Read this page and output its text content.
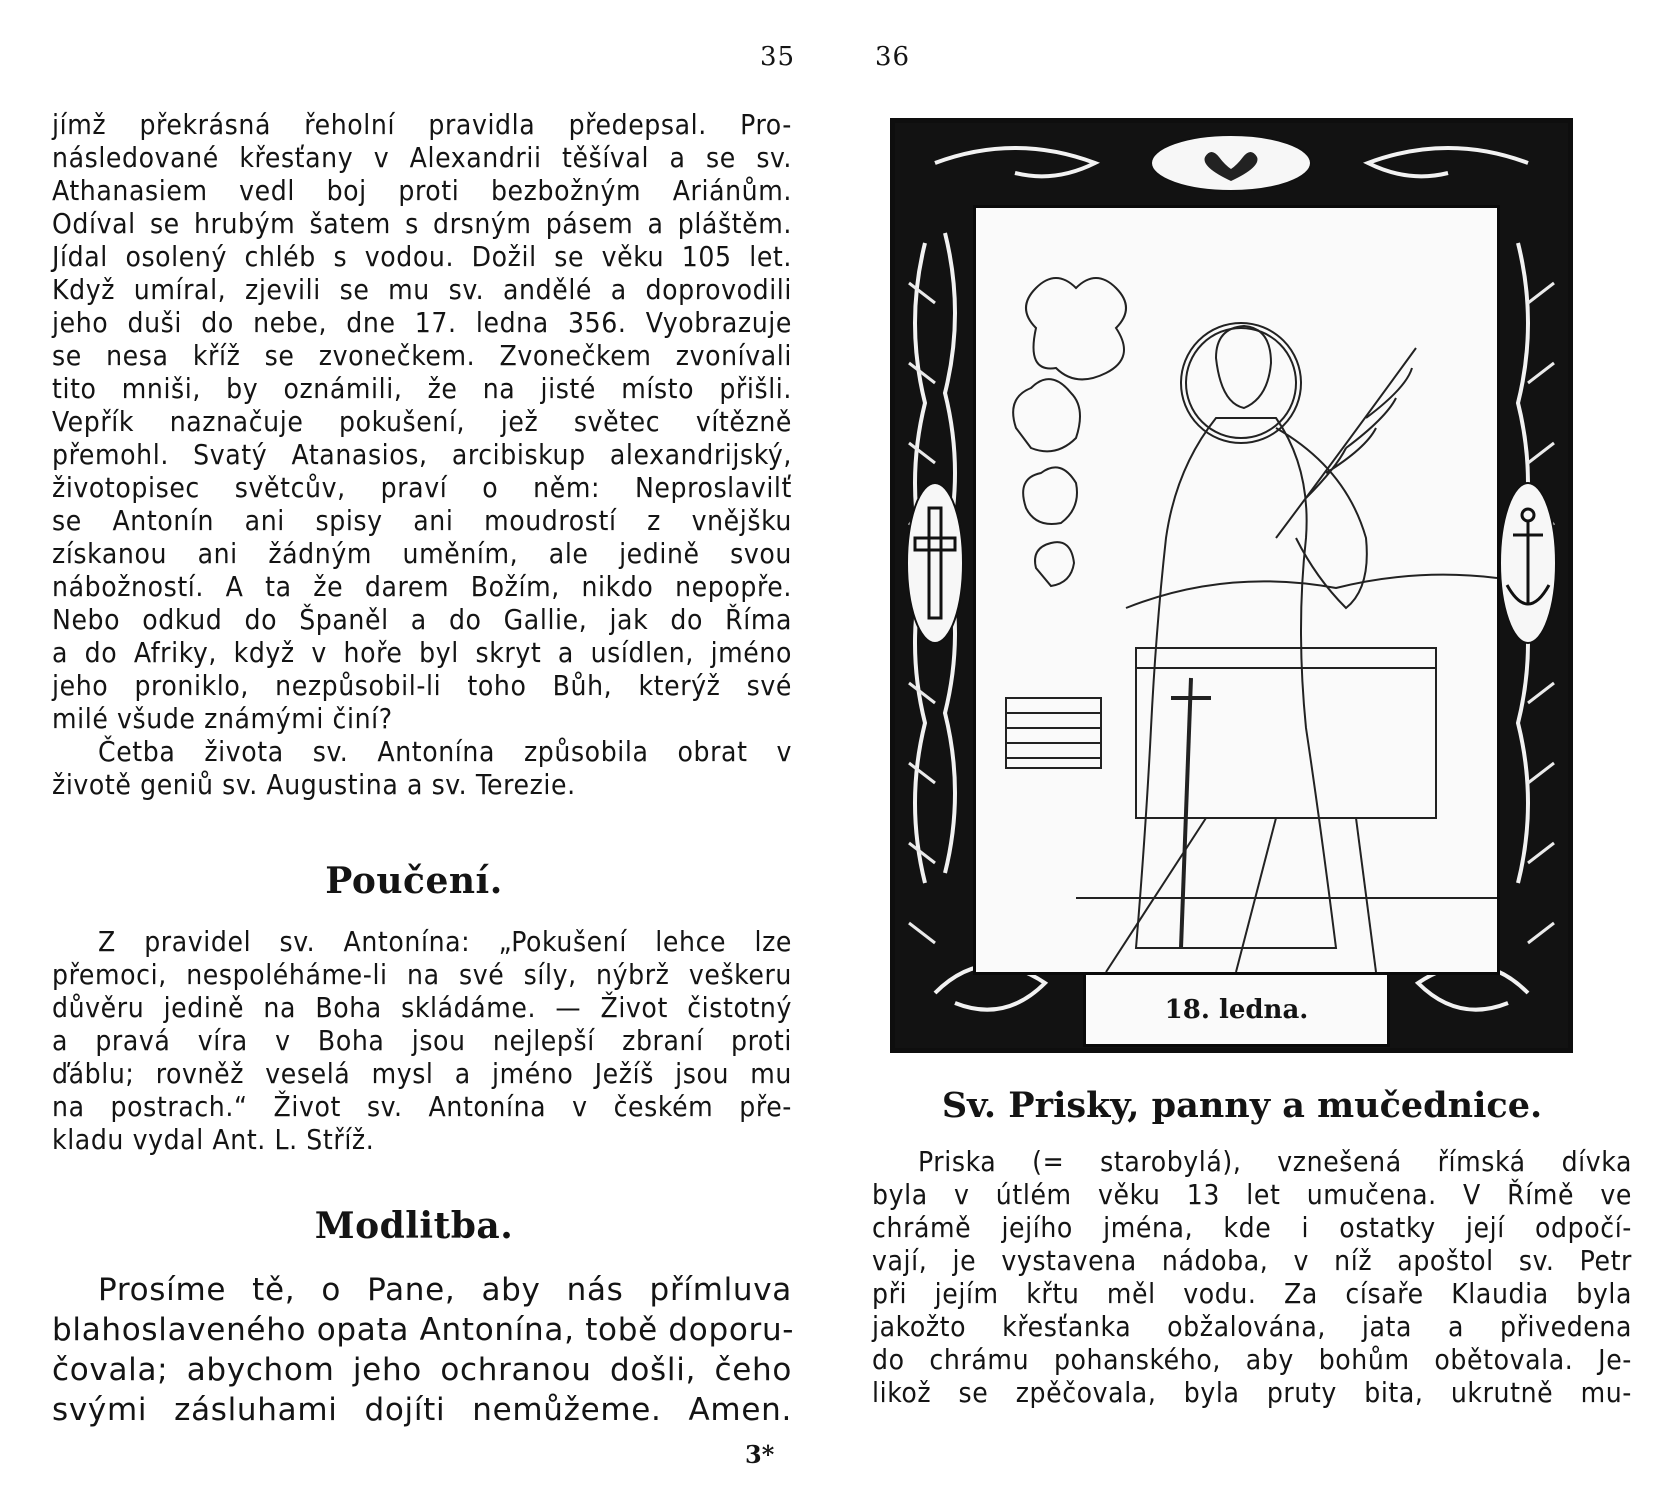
35

jímž překrásná řeholní pravidla předepsal. Pro-
následované křesťany v Alexandrii těšíval a se sv.
Athanasiem vedl boj proti bezbožným Ariánům.
Odíval se hrubým šatem s drsným pásem a pláštěm.
Jídal osolený chléb s vodou. Dožil se věku 105 let.
Když umíral, zjevili se mu sv. andělé a doprovodili
jeho duši do nebe, dne 17. ledna 356. Vyobrazuje
se nesa kříž se zvonečkem. Zvonečkem zvonívali
tito mniši, by oznámili, že na jisté místo přišli.
Vepřík naznačuje pokušení, jež světec vítězně
přemohl. Svatý Atanasios, arcibiskup alexandrijský,
životopisec světcův, praví o něm: Neproslavilť
se Antonín ani spisy ani moudrostí z vnějšku
získanou ani žádným uměním, ale jedině svou
nábožností. A ta že darem Božím, nikdo nepopře.
Nebo odkud do Španěl a do Gallie, jak do Říma
a do Afriky, když v hoře byl skryt a usídlen, jméno
jeho proniklo, nezpůsobil-li toho Bůh, kterýž své
milé všude známými činí?
Četba života sv. Antonína způsobila obrat v
životě geniů sv. Augustina a sv. Terezie.

Poučení.

Z pravidel sv. Antonína: „Pokušení lehce lze
přemoci, nespoléháme-li na své síly, nýbrž veškeru
důvěru jedině na Boha skládáme. — Život čistotný
a pravá víra v Boha jsou nejlepší zbraní proti
ďáblu; rovněž veselá mysl a jméno Ježíš jsou mu
na postrach.“ Život sv. Antonína v českém pře-
kladu vydal Ant. L. Stříž.

Modlitba.
Prosíme tě, o Pane, aby nás přímluva
blahoslaveného opata Antonína, tobě doporu-
čovala; abychom jeho ochranou došli, čeho
svými zásluhami dojíti nemůžeme. Amen.
3*
36
18. ledna.
Sv. Prisky, panny a mučednice.

Priska (= starobylá), vznešená římská dívka
byla v útlém věku 13 let umučena. V Římě ve
chrámě jejího jména, kde i ostatky její odpočí-
vají, je vystavena nádoba, v níž apoštol sv. Petr
při jejím křtu měl vodu. Za císaře Klaudia byla
jakožto křesťanka obžalována, jata a přivedena
do chrámu pohanského, aby bohům obětovala. Je-
likož se zpěčovala, byla pruty bita, ukrutně mu-
